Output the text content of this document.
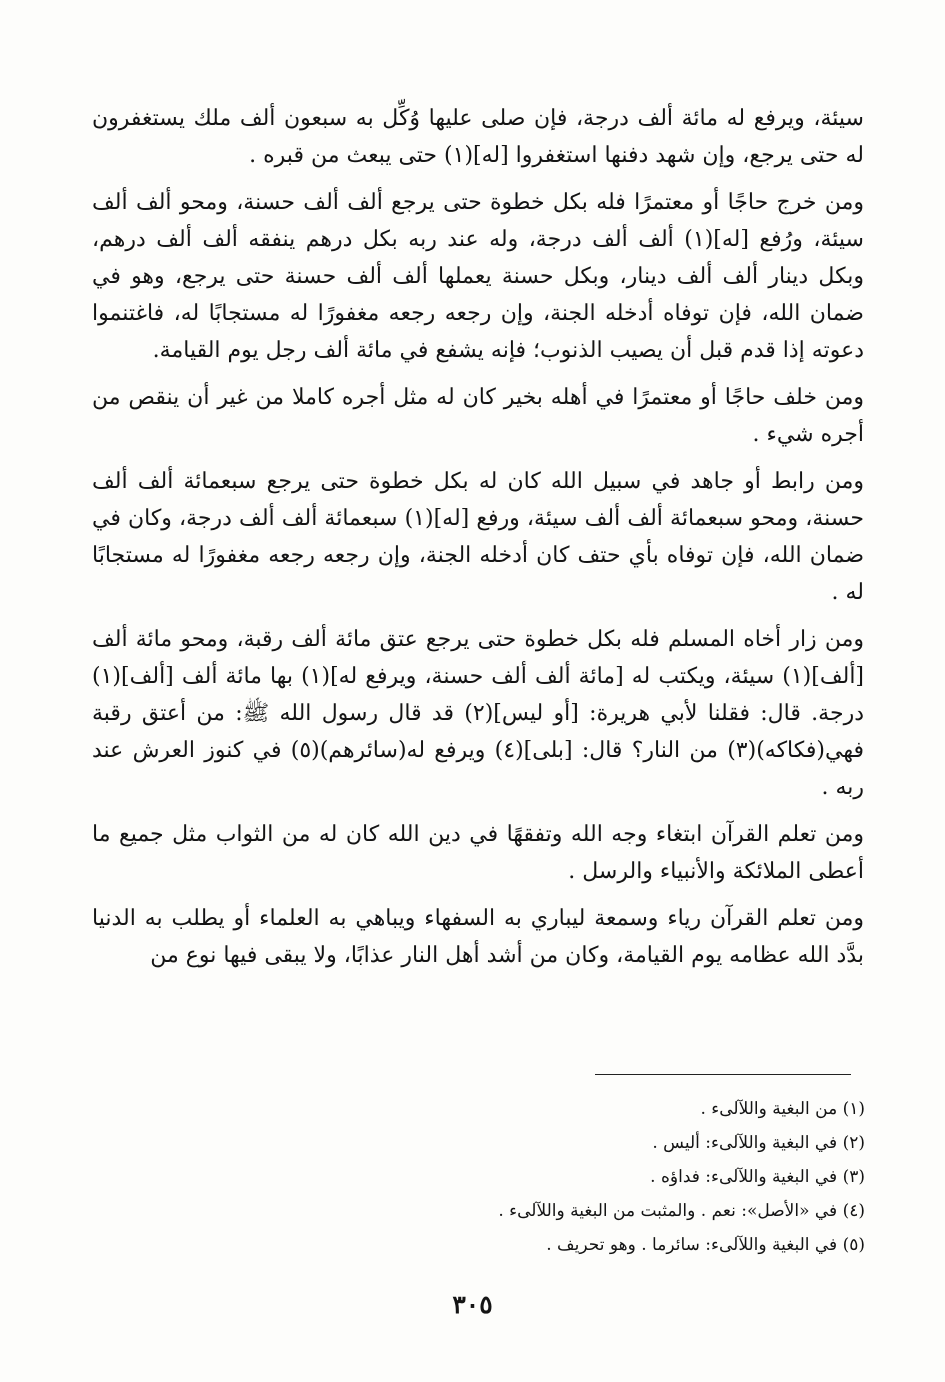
سيئة، ويرفع له مائة ألف درجة، فإن صلى عليها وُكِّل به سبعون ألف ملك يستغفرون له حتى يرجع، وإن شهد دفنها استغفروا [له](١) حتى يبعث من قبره .

ومن خرج حاجًا أو معتمرًا فله بكل خطوة حتى يرجع ألف ألف حسنة، ومحو ألف ألف سيئة، ورُفع [له](١) ألف ألف درجة، وله عند ربه بكل درهم ينفقه ألف ألف درهم، وبكل دينار ألف ألف دينار، وبكل حسنة يعملها ألف ألف حسنة حتى يرجع، وهو في ضمان الله، فإن توفاه أدخله الجنة، وإن رجعه رجعه مغفورًا له مستجابًا له، فاغتنموا دعوته إذا قدم قبل أن يصيب الذنوب؛ فإنه يشفع في مائة ألف رجل يوم القيامة.

ومن خلف حاجًا أو معتمرًا في أهله بخير كان له مثل أجره كاملا من غير أن ينقص من أجره شيء .

ومن رابط أو جاهد في سبيل الله كان له بكل خطوة حتى يرجع سبعمائة ألف ألف حسنة، ومحو سبعمائة ألف ألف سيئة، ورفع [له](١) سبعمائة ألف ألف درجة، وكان في ضمان الله، فإن توفاه بأي حتف كان أدخله الجنة، وإن رجعه رجعه مغفورًا له مستجابًا له .

ومن زار أخاه المسلم فله بكل خطوة حتى يرجع عتق مائة ألف رقبة، ومحو مائة ألف [ألف](١) سيئة، ويكتب له [مائة ألف ألف حسنة، ويرفع له](١) بها مائة ألف [ألف](١) درجة. قال: فقلنا لأبي هريرة: [أو ليس](٢) قد قال رسول الله ﷺ: من أعتق رقبة فهي(فكاكه)(٣) من النار؟ قال: [بلى](٤) ويرفع له(سائرهم)(٥) في كنوز العرش عند ربه .

ومن تعلم القرآن ابتغاء وجه الله وتفقهًا في دين الله كان له من الثواب مثل جميع ما أعطى الملائكة والأنبياء والرسل .

ومن تعلم القرآن رياء وسمعة ليباري به السفهاء ويباهي به العلماء أو يطلب به الدنيا بدَّد الله عظامه يوم القيامة، وكان من أشد أهل النار عذابًا، ولا يبقى فيها نوع من

(١) من البغية واللآلىء .
(٢) في البغية واللآلىء: أليس .
(٣) في البغية واللآلىء: فداؤه .
(٤) في «الأصل»: نعم . والمثبت من البغية واللآلىء .
(٥) في البغية واللآلىء: سائرما . وهو تحريف .
٣٠٥
